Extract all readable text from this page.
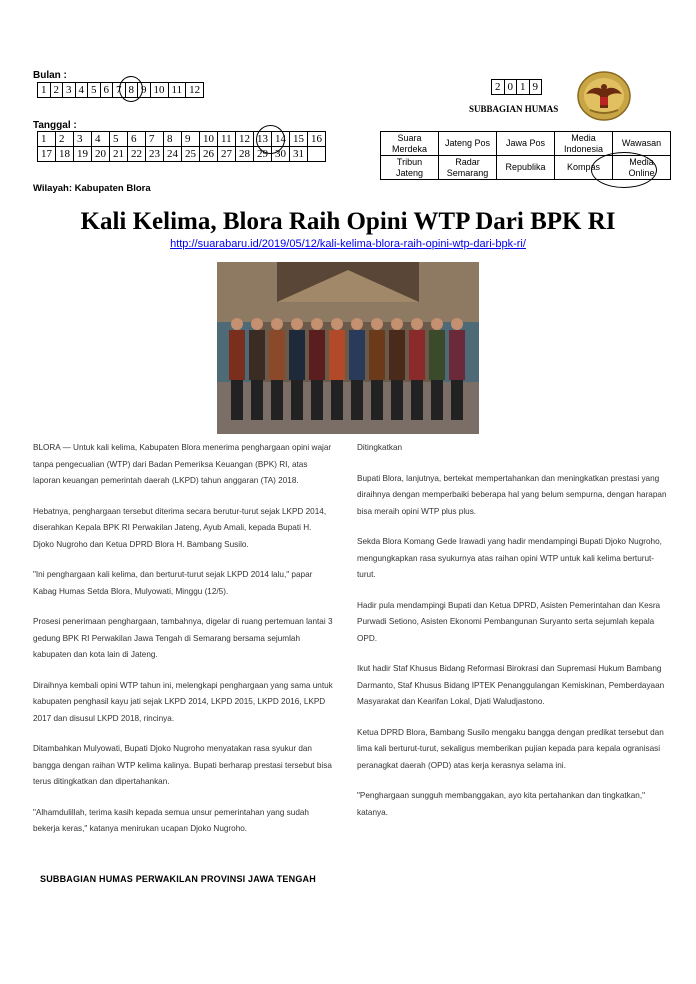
Bulan :
1	2	3	4	5	6	7	8	9	10	11	12
Tanggal :
1	2	3	4	5	6	7	8	9	10	11	12	13	14	15	16
17	18	19	20	21	22	23	24	25	26	27	28	29	30	31	
2	0	1	9
SUBBAGIAN HUMAS
Suara Merdeka	Jateng Pos	Jawa Pos	Media Indonesia	Wawasan
Tribun Jateng	Radar Semarang	Republika	Kompas	Media Online
Wilayah: Kabupaten Blora
Kali Kelima, Blora Raih Opini WTP Dari BPK RI
http://suarabaru.id/2019/05/12/kali-kelima-blora-raih-opini-wtp-dari-bpk-ri/

BLORA — Untuk kali kelima, Kabupaten Blora menerima penghargaan opini wajar tanpa pengecualian (WTP) dari Badan Pemeriksa Keuangan (BPK) RI, atas laporan keuangan pemerintah daerah (LKPD) tahun anggaran (TA) 2018.

Hebatnya, penghargaan tersebut diterima secara berutur-turut sejak LKPD 2014, diserahkan Kepala BPK RI Perwakilan Jateng, Ayub Amali, kepada Bupati H. Djoko Nugroho dan Ketua DPRD Blora H. Bambang Susilo.

"Ini penghargaan kali kelima, dan berturut-turut sejak LKPD 2014 lalu," papar Kabag Humas Setda Blora, Mulyowati, Minggu (12/5).

Prosesi penerimaan penghargaan, tambahnya, digelar di ruang pertemuan lantai 3 gedung BPK RI Perwakilan Jawa Tengah di Semarang bersama sejumlah kabupaten dan kota lain di Jateng.

Diraihnya kembali opini WTP tahun ini, melengkapi penghargaan yang sama untuk kabupaten penghasil kayu jati sejak LKPD 2014, LKPD 2015, LKPD 2016, LKPD 2017 dan disusul LKPD 2018, rincinya.

Ditambahkan Mulyowati, Bupati Djoko Nugroho menyatakan rasa syukur dan bangga dengan raihan WTP kelima kalinya. Bupati berharap prestasi tersebut bisa terus ditingkatkan dan dipertahankan.

"Alhamdulillah, terima kasih kepada semua unsur pemerintahan yang sudah bekerja keras," katanya menirukan ucapan Djoko Nugroho.

Ditingkatkan

Bupati Blora, lanjutnya, bertekat mempertahankan dan meningkatkan prestasi yang diraihnya dengan memperbaiki beberapa hal yang belum sempurna, dengan harapan bisa meraih opini WTP plus plus.

Sekda Blora Komang Gede Irawadi yang hadir mendampingi Bupati Djoko Nugroho, mengungkapkan rasa syukurnya atas raihan opini WTP untuk kali kelima berturut-turut.

Hadir pula mendampingi Bupati dan Ketua DPRD, Asisten Pemerintahan dan Kesra Purwadi Setiono, Asisten Ekonomi Pembangunan Suryanto serta sejumlah kepala OPD.

Ikut hadir Staf Khusus Bidang Reformasi Birokrasi dan Supremasi Hukum Bambang Darmanto, Staf Khusus Bidang IPTEK Penanggulangan Kemiskinan, Pemberdayaan Masyarakat dan Kearifan Lokal, Djati Waludjastono.

Ketua DPRD Blora, Bambang Susilo mengaku bangga dengan predikat tersebut dan lima kali berturut-turut, sekaligus memberikan pujian kepada para kepala ogranisasi peranagkat daerah (OPD) atas kerja kerasnya selama ini.

"Penghargaan sungguh membanggakan, ayo kita pertahankan dan tingkatkan," katanya.

SUBBAGIAN HUMAS PERWAKILAN PROVINSI JAWA TENGAH
